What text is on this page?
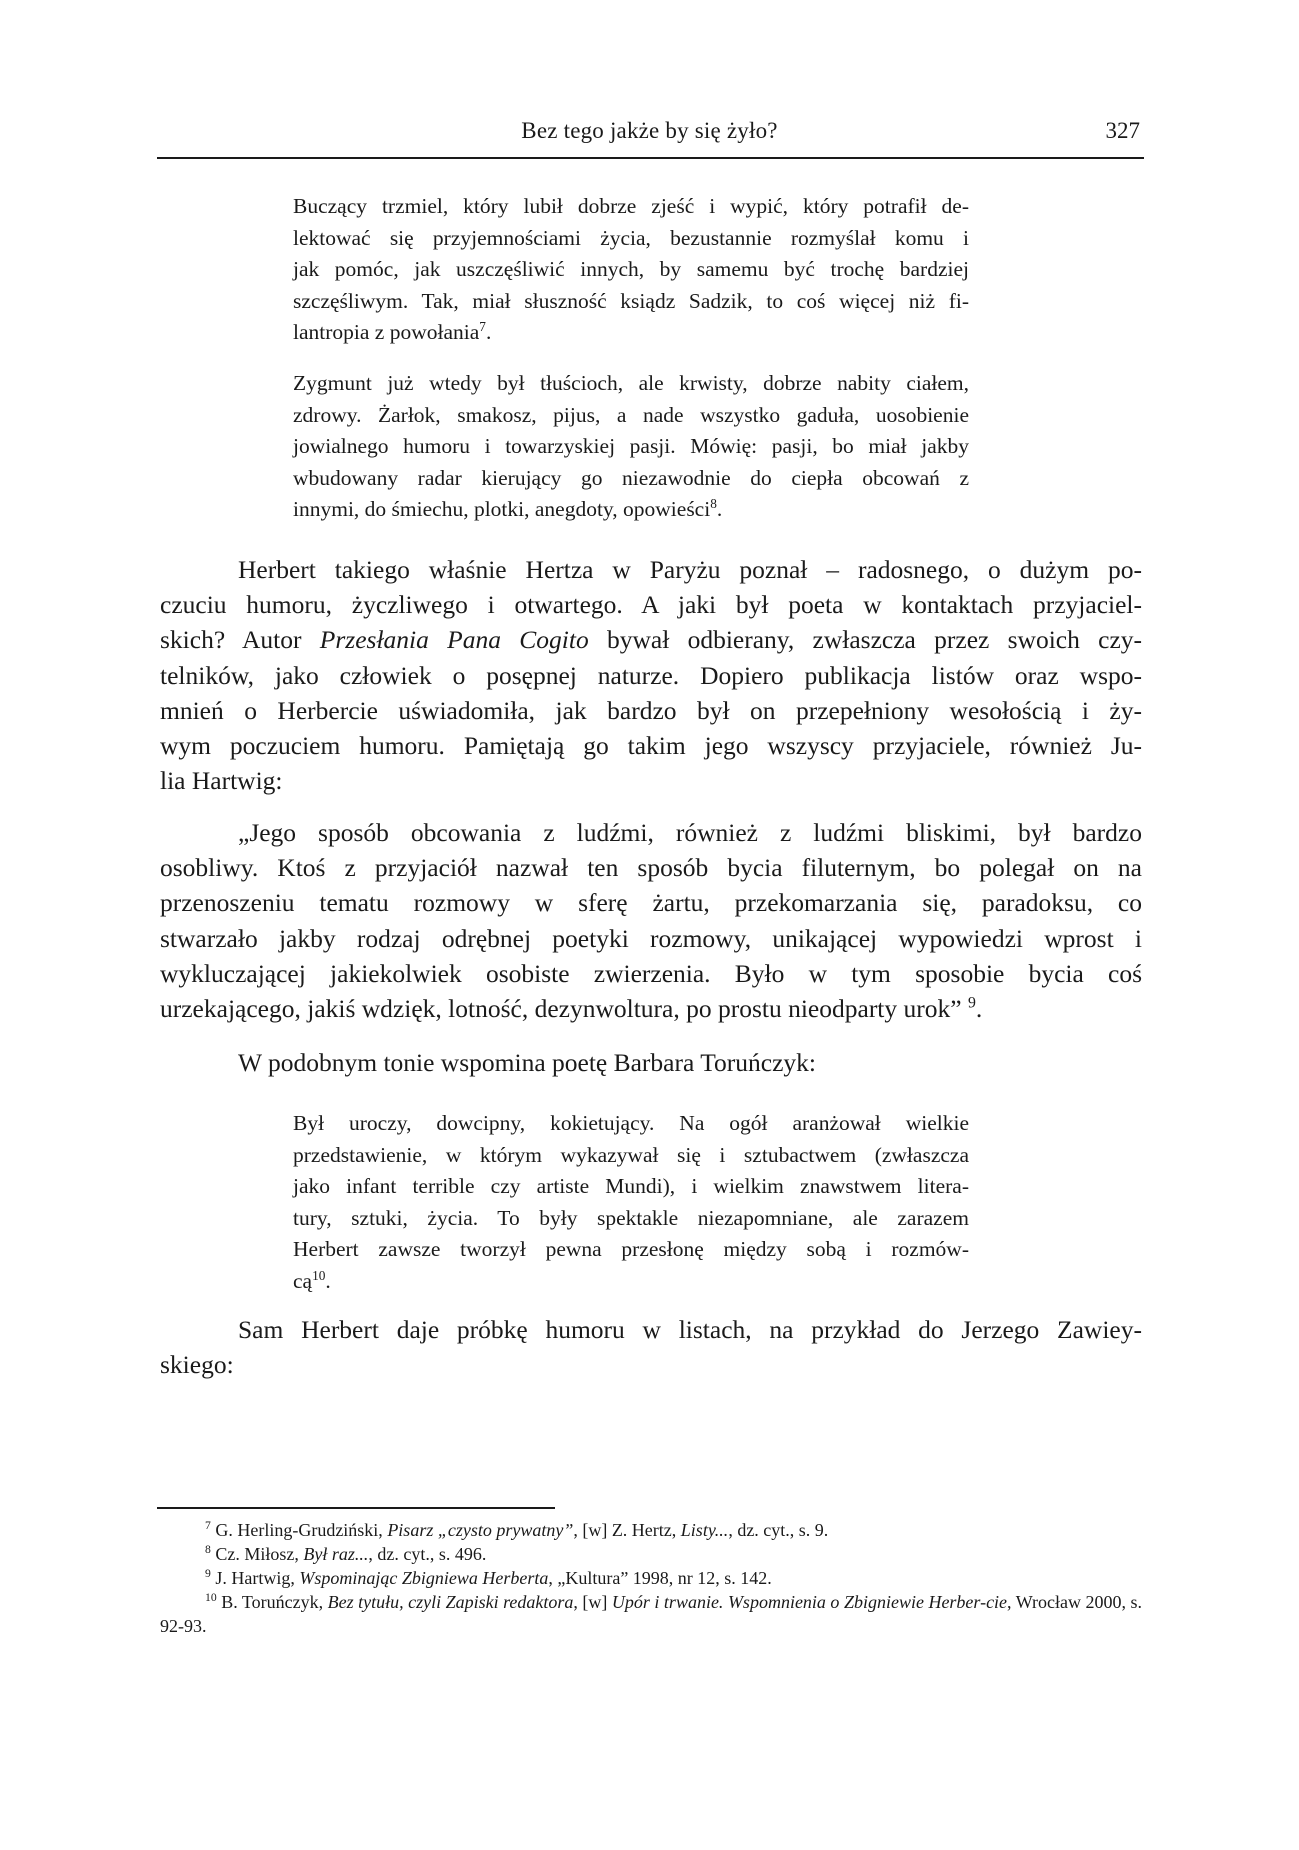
Bez tego jakże by się żyło?	327
Buczący trzmiel, który lubił dobrze zjeść i wypić, który potrafił de-
lektować się przyjemnościami życia, bezustannie rozmyślał komu i
jak pomóc, jak uszczęśliwić innych, by samemu być trochę bardziej
szczęśliwym. Tak, miał słuszność ksiądz Sadzik, to coś więcej niż fi-
lantropia z powołania$^7$.
Zygmunt już wtedy był tłuścioch, ale krwisty, dobrze nabity ciałem,
zdrowy. Żarłok, smakosz, pijus, a nade wszystko gaduła, uosobienie
jowialnego humoru i towarzyskiej pasji. Mówię: pasji, bo miał jakby
wbudowany radar kierujący go niezawodnie do ciepła obcowań z
innymi, do śmiechu, plotki, anegdoty, opowieści$^8$.
Herbert takiego właśnie Hertza w Paryżu poznał – radosnego, o dużym po-
czuciu humoru, życzliwego i otwartego. A jaki był poeta w kontaktach przyjaciel-
skich? Autor Przesłania Pana Cogito bywał odbierany, zwłaszcza przez swoich czy-
telników, jako człowiek o posępnej naturze. Dopiero publikacja listów oraz wspo-
mnień o Herbercie uświadomiła, jak bardzo był on przepełniony wesołością i ży-
wym poczuciem humoru. Pamiętają go takim jego wszyscy przyjaciele, również Ju-
lia Hartwig:
„Jego sposób obcowania z ludźmi, również z ludźmi bliskimi, był bardzo
osobliwy. Ktoś z przyjaciół nazwał ten sposób bycia filuternym, bo polegał on na
przenoszeniu tematu rozmowy w sferę żartu, przekomarzania się, paradoksu, co
stwarzało jakby rodzaj odrębnej poetyki rozmowy, unikającej wypowiedzi wprost i
wykluczającej jakiekolwiek osobiste zwierzenia. Było w tym sposobie bycia coś
urzekającego, jakiś wdzięk, lotność, dezynwoltura, po prostu nieodparty urok” $^9$.
W podobnym tonie wspomina poetę Barbara Toruńczyk:
Był uroczy, dowcipny, kokietujący. Na ogół aranżował wielkie
przedstawienie, w którym wykazywał się i sztubactwem (zwłaszcza
jako infant terrible czy artiste Mundi), i wielkim znawstwem litera-
tury, sztuki, życia. To były spektakle niezapomniane, ale zarazem
Herbert zawsze tworzył pewna przesłonę między sobą i rozmów-
$cą^{10}$.
Sam Herbert daje próbkę humoru w listach, na przykład do Jerzego Zawiey-
skiego:
$^7$ G. Herling-Grudziński, Pisarz „czysto prywatny”, [w] Z. Hertz, Listy..., dz. cyt., s. 9.
$^8$ Cz. Miłosz, Był raz..., dz. cyt., s. 496.
$^9$ J. Hartwig, Wspominając Zbigniewa Herberta, „Kultura” 1998, nr 12, s. 142.
$^{10}$ B. Toruńczyk, Bez tytułu, czyli Zapiski redaktora, [w] Upór i trwanie. Wspomnienia o Zbigniewie Herber-cie, Wrocław 2000, s. 92-93.
